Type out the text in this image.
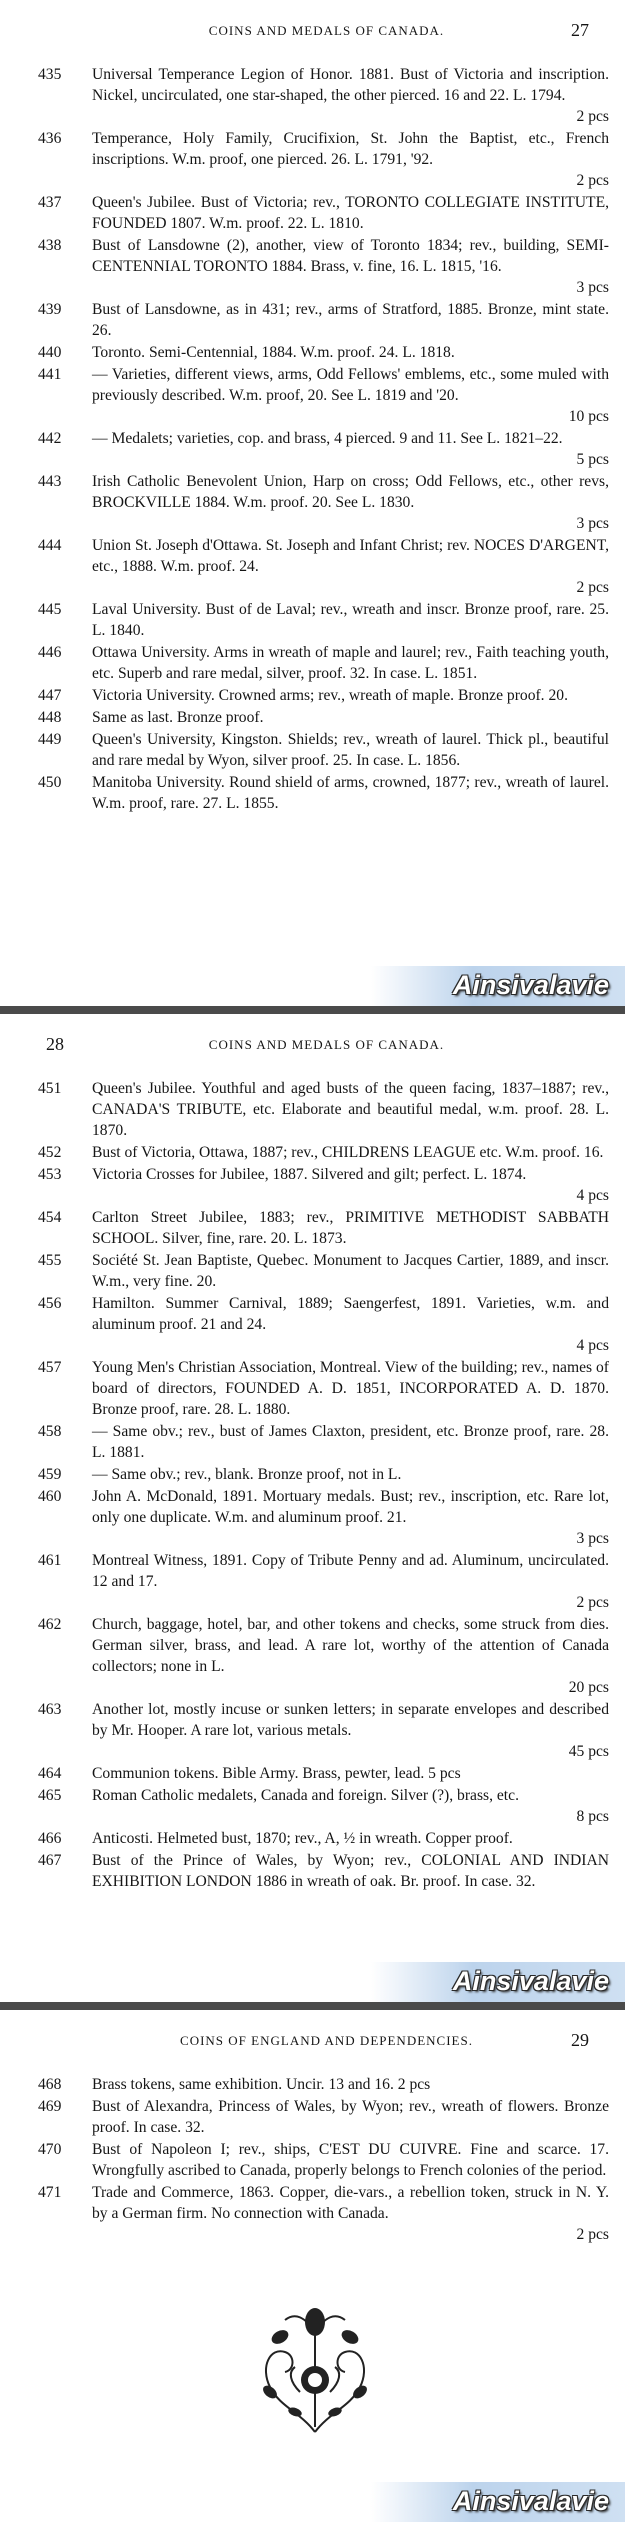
COINS AND MEDALS OF CANADA.	27
435	Universal Temperance Legion of Honor. 1881. Bust of Victoria and inscription. Nickel, uncirculated, one star-shaped, the other pierced. 16 and 22. L. 1794.
2 pcs
436	Temperance, Holy Family, Crucifixion, St. John the Baptist, etc., French inscriptions. W.m. proof, one pierced. 26. L. 1791, '92.
2 pcs
437	Queen's Jubilee. Bust of Victoria; rev., TORONTO COLLEGIATE INSTITUTE, FOUNDED 1807. W.m. proof. 22. L. 1810.
438	Bust of Lansdowne (2), another, view of Toronto 1834; rev., building, SEMI-CENTENNIAL TORONTO 1884. Brass, v. fine, 16. L. 1815, '16.
3 pcs
439	Bust of Lansdowne, as in 431; rev., arms of Stratford, 1885. Bronze, mint state. 26.
440	Toronto. Semi-Centennial, 1884. W.m. proof. 24. L. 1818.
441	— Varieties, different views, arms, Odd Fellows' emblems, etc., some muled with previously described. W.m. proof, 20. See L. 1819 and '20.
10 pcs
442	— Medalets; varieties, cop. and brass, 4 pierced. 9 and 11. See L. 1821–22.
5 pcs
443	Irish Catholic Benevolent Union, Harp on cross; Odd Fellows, etc., other revs, BROCKVILLE 1884. W.m. proof. 20. See L. 1830.
3 pcs
444	Union St. Joseph d'Ottawa. St. Joseph and Infant Christ; rev. NOCES D'ARGENT, etc., 1888. W.m. proof. 24.
2 pcs
445	Laval University. Bust of de Laval; rev., wreath and inscr. Bronze proof, rare. 25. L. 1840.
446	Ottawa University. Arms in wreath of maple and laurel; rev., Faith teaching youth, etc. Superb and rare medal, silver, proof. 32. In case. L. 1851.
447	Victoria University. Crowned arms; rev., wreath of maple. Bronze proof. 20.
448	Same as last. Bronze proof.
449	Queen's University, Kingston. Shields; rev., wreath of laurel. Thick pl., beautiful and rare medal by Wyon, silver proof. 25. In case. L. 1856.
450	Manitoba University. Round shield of arms, crowned, 1877; rev., wreath of laurel. W.m. proof, rare. 27. L. 1855.
Ainsivalavie
28	COINS AND MEDALS OF CANADA.
451	Queen's Jubilee. Youthful and aged busts of the queen facing, 1837–1887; rev., CANADA'S TRIBUTE, etc. Elaborate and beautiful medal, w.m. proof. 28. L. 1870.
452	Bust of Victoria, Ottawa, 1887; rev., CHILDRENS LEAGUE etc. W.m. proof. 16.
453	Victoria Crosses for Jubilee, 1887. Silvered and gilt; perfect. L. 1874.
4 pcs
454	Carlton Street Jubilee, 1883; rev., PRIMITIVE METHODIST SABBATH SCHOOL. Silver, fine, rare. 20. L. 1873.
455	Société St. Jean Baptiste, Quebec. Monument to Jacques Cartier, 1889, and inscr. W.m., very fine. 20.
456	Hamilton. Summer Carnival, 1889; Saengerfest, 1891. Varieties, w.m. and aluminum proof. 21 and 24.
4 pcs
457	Young Men's Christian Association, Montreal. View of the building; rev., names of board of directors, FOUNDED A. D. 1851, INCORPORATED A. D. 1870. Bronze proof, rare. 28. L. 1880.
458	— Same obv.; rev., bust of James Claxton, president, etc. Bronze proof, rare. 28. L. 1881.
459	— Same obv.; rev., blank. Bronze proof, not in L.
460	John A. McDonald, 1891. Mortuary medals. Bust; rev., inscription, etc. Rare lot, only one duplicate. W.m. and aluminum proof. 21.
3 pcs
461	Montreal Witness, 1891. Copy of Tribute Penny and ad. Aluminum, uncirculated. 12 and 17.
2 pcs
462	Church, baggage, hotel, bar, and other tokens and checks, some struck from dies. German silver, brass, and lead. A rare lot, worthy of the attention of Canada collectors; none in L.
20 pcs
463	Another lot, mostly incuse or sunken letters; in separate envelopes and described by Mr. Hooper. A rare lot, various metals.
45 pcs
464	Communion tokens. Bible Army. Brass, pewter, lead. 5 pcs
465	Roman Catholic medalets, Canada and foreign. Silver (?), brass, etc.
8 pcs
466	Anticosti. Helmeted bust, 1870; rev., A, ½ in wreath. Copper proof.
467	Bust of the Prince of Wales, by Wyon; rev., COLONIAL AND INDIAN EXHIBITION LONDON 1886 in wreath of oak. Br. proof. In case. 32.
Ainsivalavie
COINS OF ENGLAND AND DEPENDENCIES.	29
468	Brass tokens, same exhibition. Uncir. 13 and 16. 2 pcs
469	Bust of Alexandra, Princess of Wales, by Wyon; rev., wreath of flowers. Bronze proof. In case. 32.
470	Bust of Napoleon I; rev., ships, C'EST DU CUIVRE. Fine and scarce. 17. Wrongfully ascribed to Canada, properly belongs to French colonies of the period.
471	Trade and Commerce, 1863. Copper, die-vars., a rebellion token, struck in N. Y. by a German firm. No connection with Canada.
2 pcs
Ainsivalavie
